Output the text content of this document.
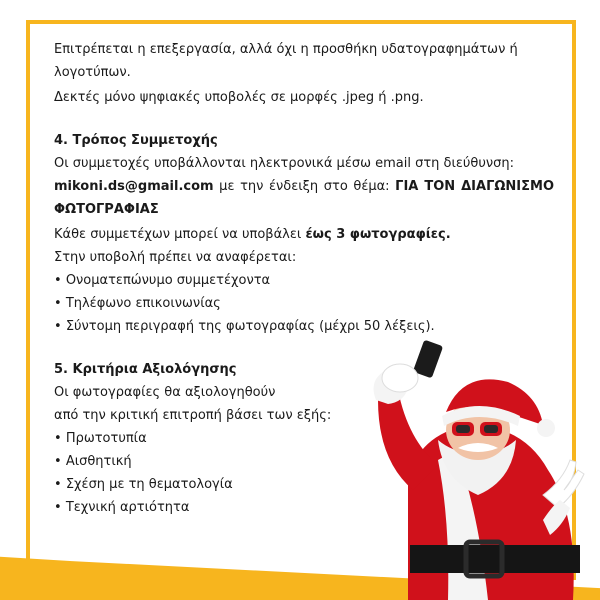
Επιτρέπεται η επεξεργασία, αλλά όχι η προσθήκη υδατογραφημάτων ή

λογοτύπων.

Δεκτές μόνο ψηφιακές υποβολές σε μορφές .jpeg ή .png.

4. Τρόπος Συμμετοχής

Οι συμμετοχές υποβάλλονται ηλεκτρονικά μέσω email στη διεύθυνση:

mikoni.ds@gmail.com με την ένδειξη στο θέμα: ΓΙΑ ΤΟΝ ΔΙΑΓΩΝΙΣΜΟ

ΦΩΤΟΓΡΑΦΙΑΣ

Κάθε συμμετέχων μπορεί να υποβάλει έως 3 φωτογραφίες.

Στην υποβολή πρέπει να αναφέρεται:

• Ονοματεπώνυμο συμμετέχοντα

• Τηλέφωνο επικοινωνίας

• Σύντομη περιγραφή της φωτογραφίας (μέχρι 50 λέξεις).

5. Κριτήρια Αξιολόγησης

Οι φωτογραφίες θα αξιολογηθούν

από την κριτική επιτροπή βάσει των εξής:

• Πρωτοτυπία

• Αισθητική

• Σχέση με τη θεματολογία

• Τεχνική αρτιότητα
